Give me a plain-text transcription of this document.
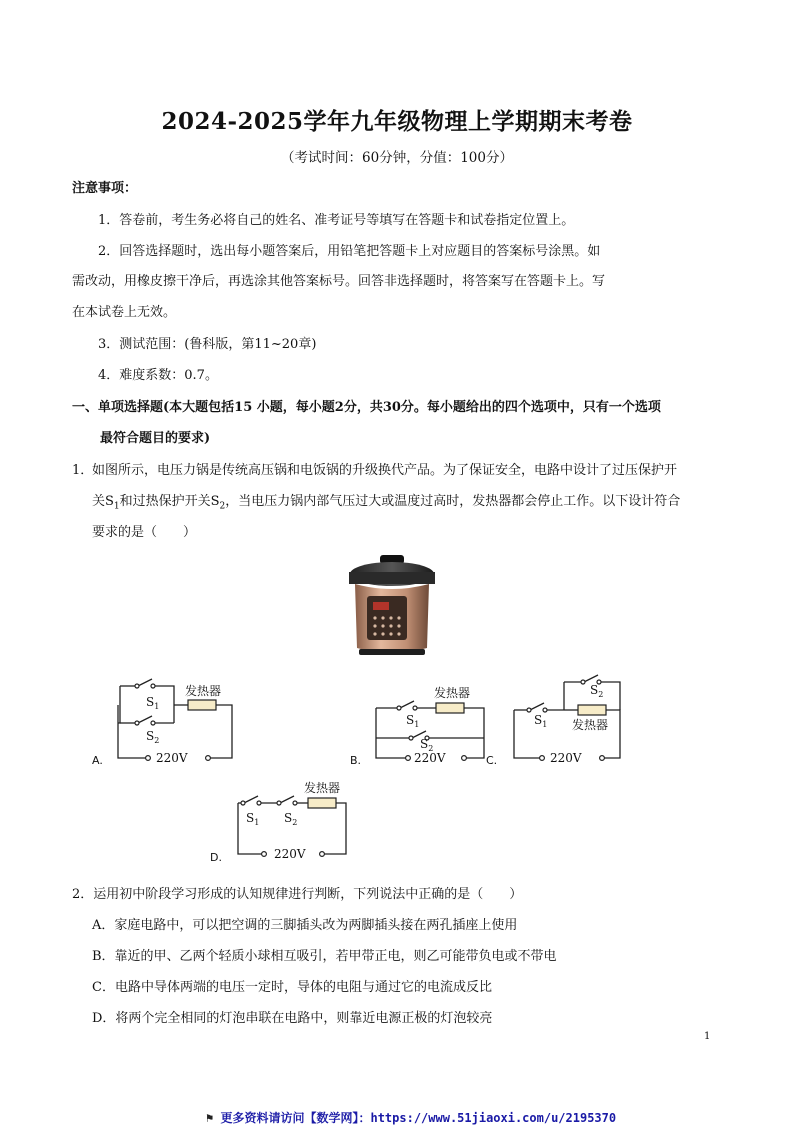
2024-2025学年九年级物理上学期期末考卷
（考试时间：60分钟，分值：100分）
注意事项：
1．答卷前，考生务必将自己的姓名、准考证号等填写在答题卡和试卷指定位置上。
2．回答选择题时，选出每小题答案后，用铅笔把答题卡上对应题目的答案标号涂黑。如
需改动，用橡皮擦干净后，再选涂其他答案标号。回答非选择题时，将答案写在答题卡上。写
在本试卷上无效。
3．测试范围：(鲁科版，第11~20章)
4．难度系数：0.7。
一、单项选择题(本大题包括15 小题，每小题2分，共30分。每小题给出的四个选项中，只有一个选项
最符合题目的要求)
1．
如图所示，电压力锅是传统高压锅和电饭锅的升级换代产品。为了保证安全，电路中设计了过压保护开
关$S_1$和过热保护开关$S_2$，当电压力锅内部气压过大或温度过高时，发热器都会停止工作。以下设计符合
要求的是（　　）
发热器
$S_1$
$S_2$
220V
A.
发热器
$S_1$
$S_2$
220V
B.
发热器
$S_2$
$S_1$
220V
C.
发热器
$S_1$ $S_2$
220V
D.
2．运用初中阶段学习形成的认知规律进行判断，下列说法中正确的是（　　）
A．家庭电路中，可以把空调的三脚插头改为两脚插头接在两孔插座上使用
B．靠近的甲、乙两个轻质小球相互吸引，若甲带正电，则乙可能带负电或不带电
C．电路中导体两端的电压一定时，导体的电阻与通过它的电流成反比
D．将两个完全相同的灯泡串联在电路中，则靠近电源正极的灯泡较亮
1
⚑ 更多资料请访问【数学网】：https://www.51jiaoxi.com/u/2195370
